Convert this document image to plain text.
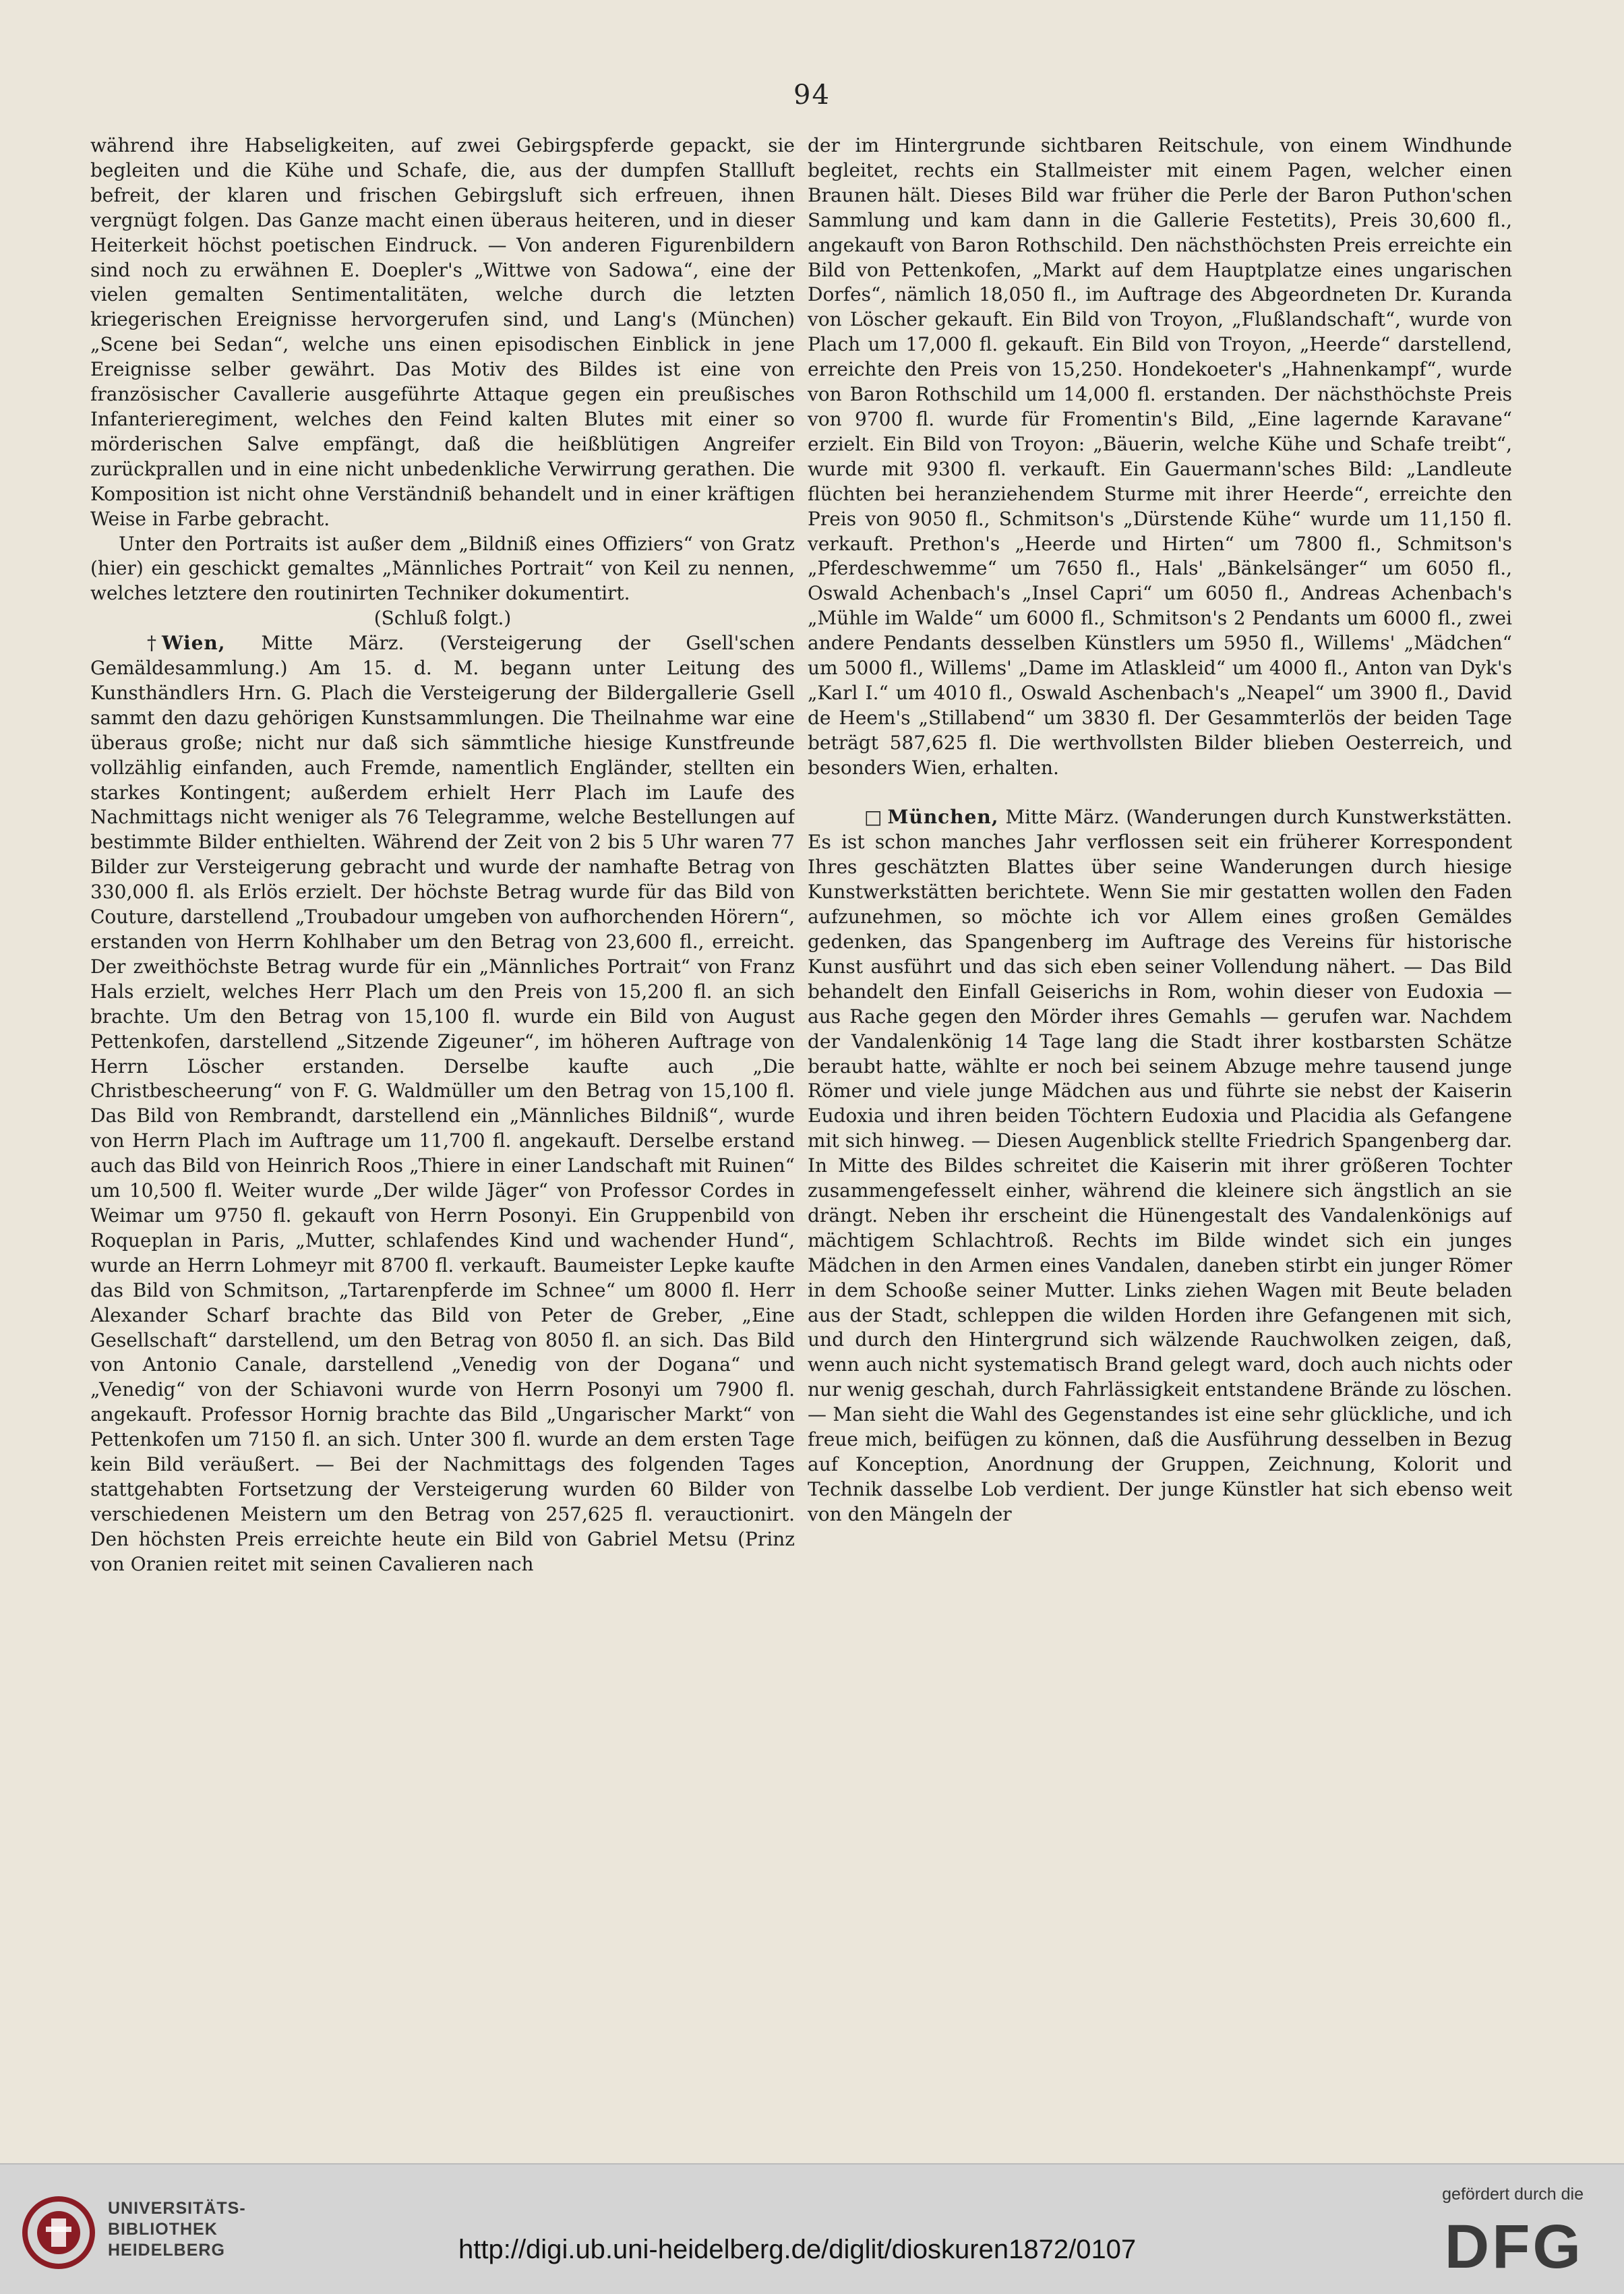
94

während ihre Habseligkeiten, auf zwei Gebirgspferde gepackt, sie begleiten und die Kühe und Schafe, die, aus der dumpfen Stallluft befreit, der klaren und frischen Gebirgsluft sich erfreuen, ihnen vergnügt folgen. Das Ganze macht einen überaus heiteren, und in dieser Heiterkeit höchst poetischen Eindruck. — Von anderen Figurenbildern sind noch zu erwähnen E. Doepler's „Wittwe von Sadowa“, eine der vielen gemalten Sentimentalitäten, welche durch die letzten kriegerischen Ereignisse hervorgerufen sind, und Lang's (München) „Scene bei Sedan“, welche uns einen episodischen Einblick in jene Ereignisse selber gewährt. Das Motiv des Bildes ist eine von französischer Cavallerie ausgeführte Attaque gegen ein preußisches Infanterieregiment, welches den Feind kalten Blutes mit einer so mörderischen Salve empfängt, daß die heißblütigen Angreifer zurückprallen und in eine nicht unbedenkliche Verwirrung gerathen. Die Komposition ist nicht ohne Verständniß behandelt und in einer kräftigen Weise in Farbe gebracht.

Unter den Portraits ist außer dem „Bildniß eines Offiziers“ von Gratz (hier) ein geschickt gemaltes „Männliches Portrait“ von Keil zu nennen, welches letztere den routinirten Techniker dokumentirt.

(Schluß folgt.)

† Wien, Mitte März. (Versteigerung der Gsell'schen Gemäldesammlung.) Am 15. d. M. begann unter Leitung des Kunsthändlers Hrn. G. Plach die Versteigerung der Bildergallerie Gsell sammt den dazu gehörigen Kunstsammlungen. Die Theilnahme war eine überaus große; nicht nur daß sich sämmtliche hiesige Kunstfreunde vollzählig einfanden, auch Fremde, namentlich Engländer, stellten ein starkes Kontingent; außerdem erhielt Herr Plach im Laufe des Nachmittags nicht weniger als 76 Telegramme, welche Bestellungen auf bestimmte Bilder enthielten. Während der Zeit von 2 bis 5 Uhr waren 77 Bilder zur Versteigerung gebracht und wurde der namhafte Betrag von 330,000 fl. als Erlös erzielt. Der höchste Betrag wurde für das Bild von Couture, darstellend „Troubadour umgeben von aufhorchenden Hörern“, erstanden von Herrn Kohlhaber um den Betrag von 23,600 fl., erreicht. Der zweithöchste Betrag wurde für ein „Männliches Portrait“ von Franz Hals erzielt, welches Herr Plach um den Preis von 15,200 fl. an sich brachte. Um den Betrag von 15,100 fl. wurde ein Bild von August Pettenkofen, darstellend „Sitzende Zigeuner“, im höheren Auftrage von Herrn Löscher erstanden. Derselbe kaufte auch „Die Christbescheerung“ von F. G. Waldmüller um den Betrag von 15,100 fl. Das Bild von Rembrandt, darstellend ein „Männliches Bildniß“, wurde von Herrn Plach im Auftrage um 11,700 fl. angekauft. Derselbe erstand auch das Bild von Heinrich Roos „Thiere in einer Landschaft mit Ruinen“ um 10,500 fl. Weiter wurde „Der wilde Jäger“ von Professor Cordes in Weimar um 9750 fl. gekauft von Herrn Posonyi. Ein Gruppenbild von Roqueplan in Paris, „Mutter, schlafendes Kind und wachender Hund“, wurde an Herrn Lohmeyr mit 8700 fl. verkauft. Baumeister Lepke kaufte das Bild von Schmitson, „Tartarenpferde im Schnee“ um 8000 fl. Herr Alexander Scharf brachte das Bild von Peter de Greber, „Eine Gesellschaft“ darstellend, um den Betrag von 8050 fl. an sich. Das Bild von Antonio Canale, darstellend „Venedig von der Dogana“ und „Venedig“ von der Schiavoni wurde von Herrn Posonyi um 7900 fl. angekauft. Professor Hornig brachte das Bild „Ungarischer Markt“ von Pettenkofen um 7150 fl. an sich. Unter 300 fl. wurde an dem ersten Tage kein Bild veräußert. — Bei der Nachmittags des folgenden Tages stattgehabten Fortsetzung der Versteigerung wurden 60 Bilder von verschiedenen Meistern um den Betrag von 257,625 fl. verauctionirt. Den höchsten Preis erreichte heute ein Bild von Gabriel Metsu (Prinz von Oranien reitet mit seinen Cavalieren nach

der im Hintergrunde sichtbaren Reitschule, von einem Windhunde begleitet, rechts ein Stallmeister mit einem Pagen, welcher einen Braunen hält. Dieses Bild war früher die Perle der Baron Puthon'schen Sammlung und kam dann in die Gallerie Festetits), Preis 30,600 fl., angekauft von Baron Rothschild. Den nächsthöchsten Preis erreichte ein Bild von Pettenkofen, „Markt auf dem Hauptplatze eines ungarischen Dorfes“, nämlich 18,050 fl., im Auftrage des Abgeordneten Dr. Kuranda von Löscher gekauft. Ein Bild von Troyon, „Flußlandschaft“, wurde von Plach um 17,000 fl. gekauft. Ein Bild von Troyon, „Heerde“ darstellend, erreichte den Preis von 15,250. Hondekoeter's „Hahnenkampf“, wurde von Baron Rothschild um 14,000 fl. erstanden. Der nächsthöchste Preis von 9700 fl. wurde für Fromentin's Bild, „Eine lagernde Karavane“ erzielt. Ein Bild von Troyon: „Bäuerin, welche Kühe und Schafe treibt“, wurde mit 9300 fl. verkauft. Ein Gauermann'sches Bild: „Landleute flüchten bei heranziehendem Sturme mit ihrer Heerde“, erreichte den Preis von 9050 fl., Schmitson's „Dürstende Kühe“ wurde um 11,150 fl. verkauft. Prethon's „Heerde und Hirten“ um 7800 fl., Schmitson's „Pferdeschwemme“ um 7650 fl., Hals' „Bänkelsänger“ um 6050 fl., Oswald Achenbach's „Insel Capri“ um 6050 fl., Andreas Achenbach's „Mühle im Walde“ um 6000 fl., Schmitson's 2 Pendants um 6000 fl., zwei andere Pendants desselben Künstlers um 5950 fl., Willems' „Mädchen“ um 5000 fl., Willems' „Dame im Atlaskleid“ um 4000 fl., Anton van Dyk's „Karl I.“ um 4010 fl., Oswald Aschenbach's „Neapel“ um 3900 fl., David de Heem's „Stillabend“ um 3830 fl. Der Gesammterlös der beiden Tage beträgt 587,625 fl. Die werthvollsten Bilder blieben Oesterreich, und besonders Wien, erhalten.

□ München, Mitte März. (Wanderungen durch Kunstwerkstätten. Es ist schon manches Jahr verflossen seit ein früherer Korrespondent Ihres geschätzten Blattes über seine Wanderungen durch hiesige Kunstwerkstätten berichtete. Wenn Sie mir gestatten wollen den Faden aufzunehmen, so möchte ich vor Allem eines großen Gemäldes gedenken, das Spangenberg im Auftrage des Vereins für historische Kunst ausführt und das sich eben seiner Vollendung nähert. — Das Bild behandelt den Einfall Geiserichs in Rom, wohin dieser von Eudoxia — aus Rache gegen den Mörder ihres Gemahls — gerufen war. Nachdem der Vandalenkönig 14 Tage lang die Stadt ihrer kostbarsten Schätze beraubt hatte, wählte er noch bei seinem Abzuge mehre tausend junge Römer und viele junge Mädchen aus und führte sie nebst der Kaiserin Eudoxia und ihren beiden Töchtern Eudoxia und Placidia als Gefangene mit sich hinweg. — Diesen Augenblick stellte Friedrich Spangenberg dar. In Mitte des Bildes schreitet die Kaiserin mit ihrer größeren Tochter zusammengefesselt einher, während die kleinere sich ängstlich an sie drängt. Neben ihr erscheint die Hünengestalt des Vandalenkönigs auf mächtigem Schlachtroß. Rechts im Bilde windet sich ein junges Mädchen in den Armen eines Vandalen, daneben stirbt ein junger Römer in dem Schooße seiner Mutter. Links ziehen Wagen mit Beute beladen aus der Stadt, schleppen die wilden Horden ihre Gefangenen mit sich, und durch den Hintergrund sich wälzende Rauchwolken zeigen, daß, wenn auch nicht systematisch Brand gelegt ward, doch auch nichts oder nur wenig geschah, durch Fahrlässigkeit entstandene Brände zu löschen. — Man sieht die Wahl des Gegenstandes ist eine sehr glückliche, und ich freue mich, beifügen zu können, daß die Ausführung desselben in Bezug auf Konception, Anordnung der Gruppen, Zeichnung, Kolorit und Technik dasselbe Lob verdient. Der junge Künstler hat sich ebenso weit von den Mängeln der

UNIVERSITÄTS-
BIBLIOTHEK
HEIDELBERG	http://digi.ub.uni-heidelberg.de/diglit/dioskuren1872/0107
gefördert durch die
DFG
